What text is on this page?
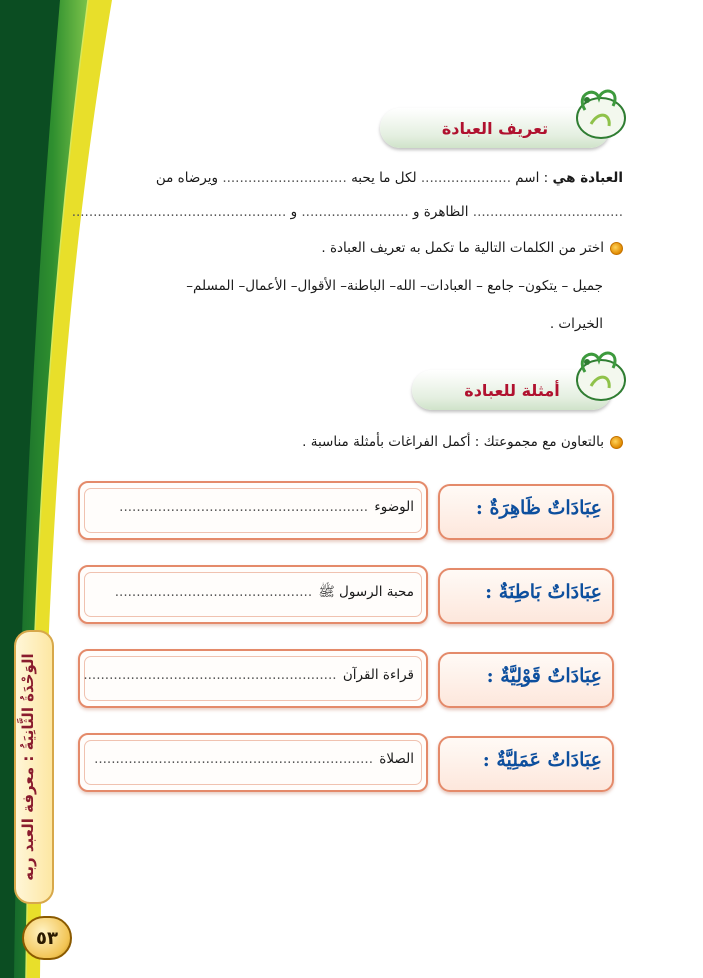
تعريف العبادة
العبادة هي : اسم ..................... لكل ما يحبه ............................. ويرضاه من
................................... الظاهرة و ......................... و ..................................................
اختر من الكلمات التالية ما تكمل به تعريف العبادة .
جميل – يتكون– جامع – العبادات– الله– الباطنة– الأقوال– الأعمال– المسلم–
الخيرات .
أمثلة للعبادة
بالتعاون مع مجموعتك : أكمل الفراغات بأمثلة مناسبة .
عِبَادَاتٌ ظَاهِرَةٌ :
الوضوء ..........................................................
عِبَادَاتٌ بَاطِنَةٌ :
محبة الرسول ﷺ ..............................................
عِبَادَاتٌ قَوْلِيَّةٌ :
قراءة القرآن ...........................................................
عِبَادَاتٌ عَمَلِيَّةٌ :
الصلاة .................................................................
الوَحْدَةُ الثَّانِيَةُ : معرفة العبد ربه
٥٣
